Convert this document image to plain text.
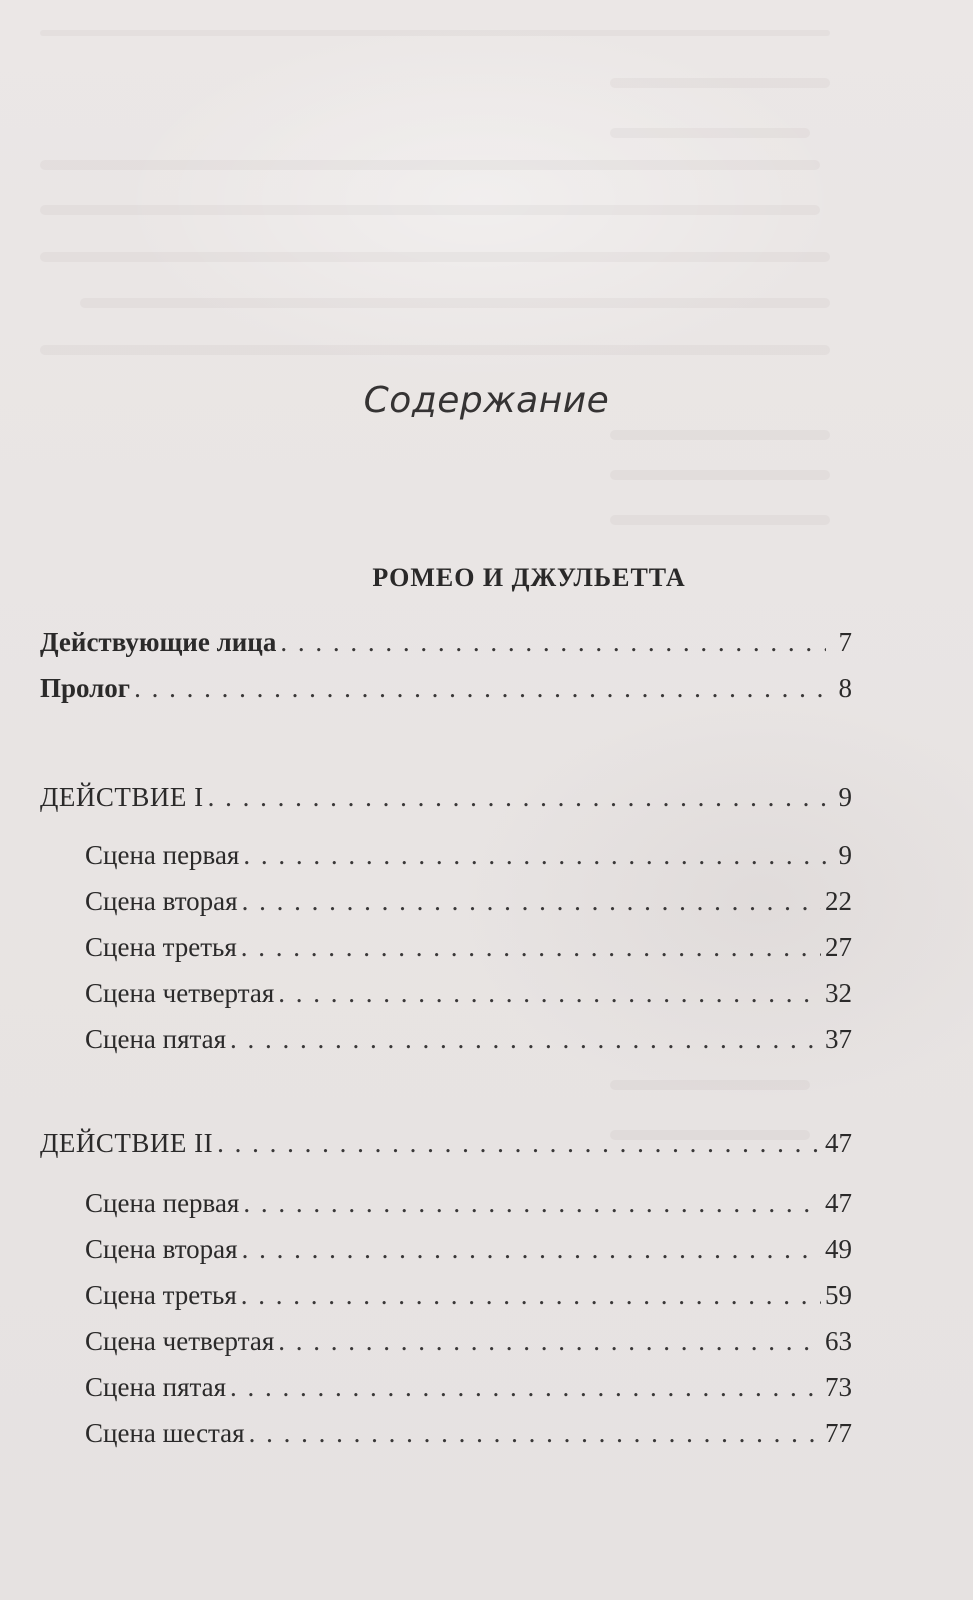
Содержание
РОМЕО И ДЖУЛЬЕТТА
Действующие лица . . .	7
Пролог . . .	8
ДЕЙСТВИЕ I . . .	9
Сцена первая . . .	9
Сцена вторая . . .	22
Сцена третья . . .	27
Сцена четвертая . . .	32
Сцена пятая . . .	37
ДЕЙСТВИЕ II . . .	47
Сцена первая . . .	47
Сцена вторая . . .	49
Сцена третья . . .	59
Сцена четвертая . . .	63
Сцена пятая . . .	73
Сцена шестая . . .	77
